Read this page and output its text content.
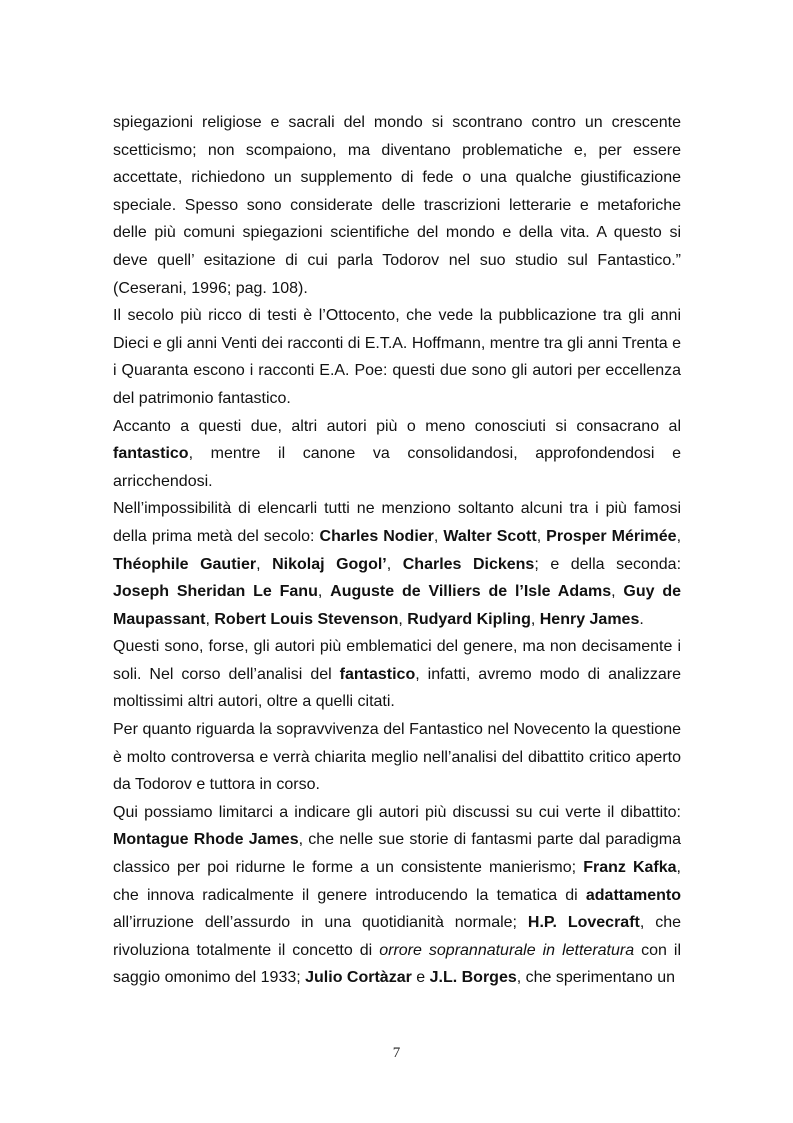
spiegazioni religiose e sacrali del mondo si scontrano contro un crescente scetticismo; non scompaiono, ma diventano problematiche e, per essere accettate, richiedono un supplemento di fede o una qualche giustificazione speciale. Spesso sono considerate delle trascrizioni letterarie e metaforiche delle più comuni spiegazioni scientifiche del mondo e della vita. A questo si deve quell’ esitazione di cui parla Todorov nel suo studio sul Fantastico.” (Ceserani, 1996; pag. 108).

Il secolo più ricco di testi è l’Ottocento, che vede la pubblicazione tra gli anni Dieci e gli anni Venti dei racconti di E.T.A. Hoffmann, mentre tra gli anni Trenta e i Quaranta escono i racconti E.A. Poe: questi due sono gli autori per eccellenza del patrimonio fantastico.

Accanto a questi due, altri autori più o meno conosciuti si consacrano al fantastico, mentre il canone va consolidandosi, approfondendosi e arricchendosi.

Nell’impossibilità di elencarli tutti ne menziono soltanto alcuni tra i più famosi della prima metà del secolo: Charles Nodier, Walter Scott, Prosper Mérimée, Théophile Gautier, Nikolaj Gogol’, Charles Dickens; e della seconda: Joseph Sheridan Le Fanu, Auguste de Villiers de l’Isle Adams, Guy de Maupassant, Robert Louis Stevenson, Rudyard Kipling, Henry James.

Questi sono, forse, gli autori più emblematici del genere, ma non decisamente i soli. Nel corso dell’analisi del fantastico, infatti, avremo modo di analizzare moltissimi altri autori, oltre a quelli citati.

Per quanto riguarda la sopravvivenza del Fantastico nel Novecento la questione è molto controversa e verrà chiarita meglio nell’analisi del dibattito critico aperto da Todorov e tuttora in corso.

Qui possiamo limitarci a indicare gli autori più discussi su cui verte il dibattito: Montague Rhode James, che nelle sue storie di fantasmi parte dal paradigma classico per poi ridurne le forme a un consistente manierismo; Franz Kafka, che innova radicalmente il genere introducendo la tematica di adattamento all’irruzione dell’assurdo in una quotidianità normale; H.P. Lovecraft, che rivoluziona totalmente il concetto di orrore soprannaturale in letteratura con il saggio omonimo del 1933; Julio Cortàzar e J.L. Borges, che sperimentano un

7
